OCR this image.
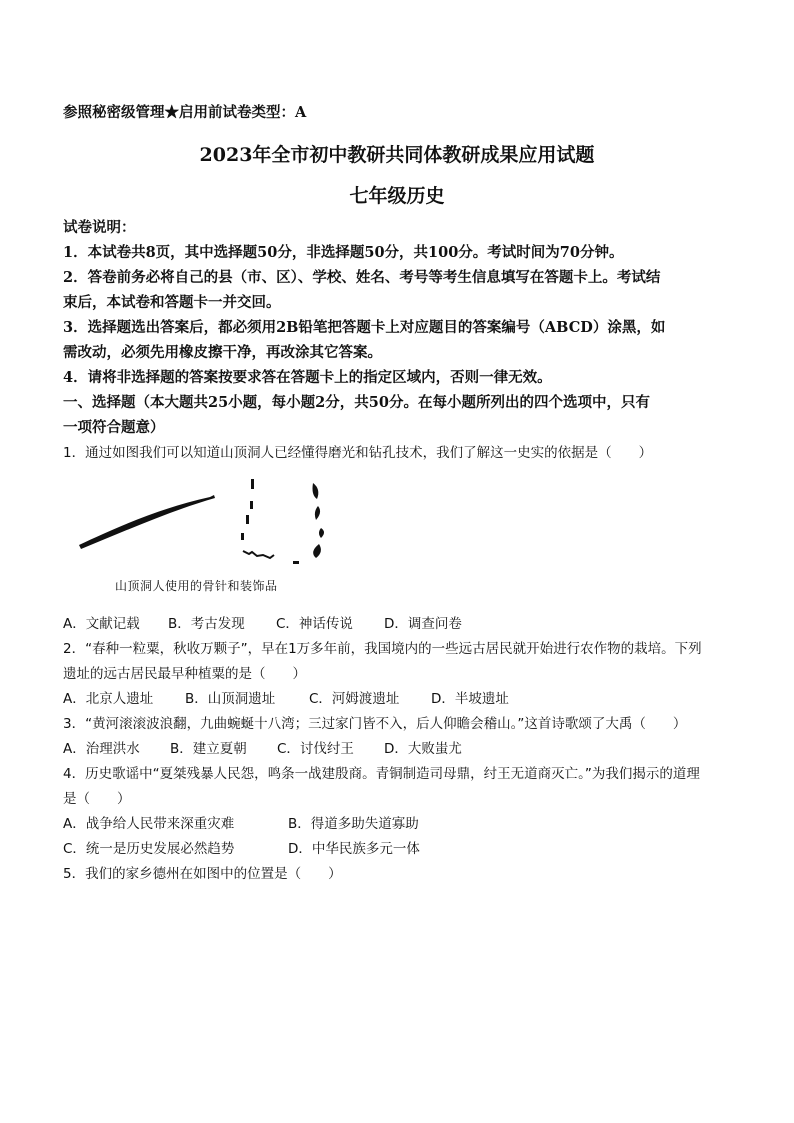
参照秘密级管理★启用前试卷类型：A
2023年全市初中教研共同体教研成果应用试题
七年级历史
试卷说明：
1．本试卷共8页，其中选择题50分，非选择题50分，共100分。考试时间为70分钟。
2．答卷前务必将自己的县（市、区）、学校、姓名、考号等考生信息填写在答题卡上。考试结
束后，本试卷和答题卡一并交回。
3．选择题选出答案后，都必须用2B铅笔把答题卡上对应题目的答案编号（ABCD）涂黑，如
需改动，必须先用橡皮擦干净，再改涂其它答案。
4．请将非选择题的答案按要求答在答题卡上的指定区域内，否则一律无效。
一、选择题（本大题共25小题，每小题2分，共50分。在每小题所列出的四个选项中，只有
一项符合题意）
1．通过如图我们可以知道山顶洞人已经懂得磨光和钻孔技术，我们了解这一史实的依据是（　　）
山顶洞人使用的骨针和装饰品
A．文献记载 B．考古发现 C．神话传说 D．调查问卷
2．“春种一粒粟，秋收万颗子”，早在1万多年前，我国境内的一些远古居民就开始进行农作物的栽培。下列
遗址的远古居民最早种植粟的是（　　）
A．北京人遗址 B．山顶洞遗址 C．河姆渡遗址 D．半坡遗址
3．“黄河滚滚波浪翻，九曲蜿蜒十八湾；三过家门皆不入，后人仰瞻会稽山。”这首诗歌颂了大禹（　　）
A．治理洪水 B．建立夏朝 C．讨伐纣王 D．大败蚩尤
4．历史歌谣中“夏桀残暴人民怨，鸣条一战建殷商。青铜制造司母鼎，纣王无道商灭亡。”为我们揭示的道理
是（　　）
A．战争给人民带来深重灾难	B．得道多助失道寡助
C．统一是历史发展必然趋势	D．中华民族多元一体
5．我们的家乡德州在如图中的位置是（　　）
